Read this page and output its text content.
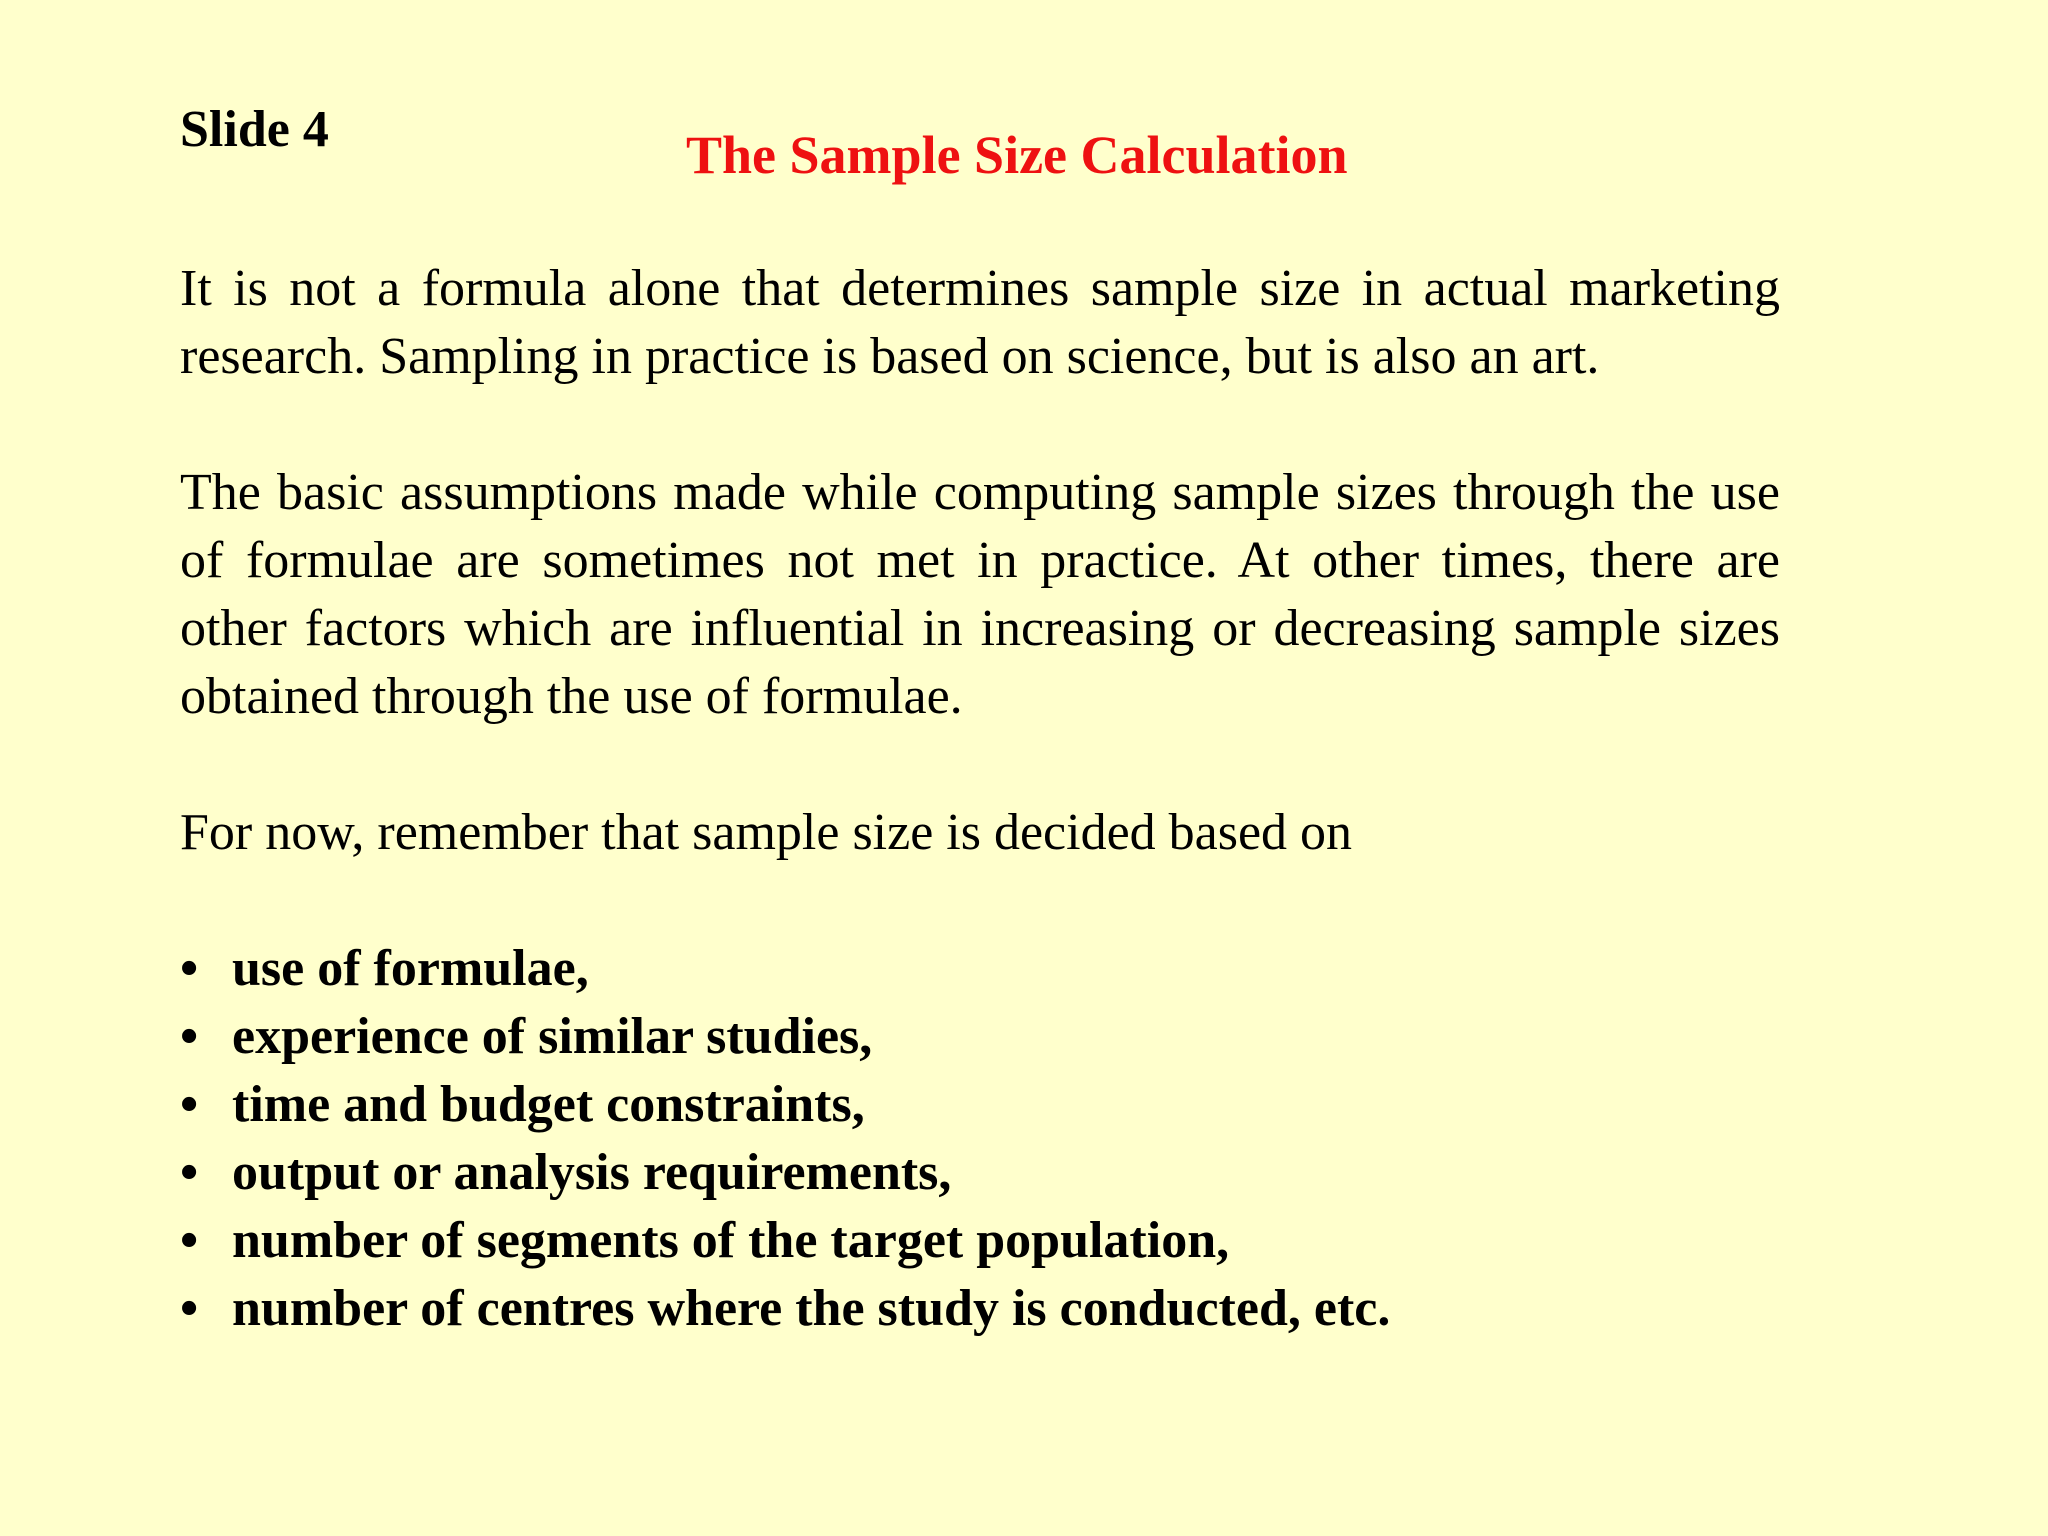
Slide 4	The Sample Size Calculation

It is not a formula alone that determines sample size in actual marketing research. Sampling in practice is based on science, but is also an art.

The basic assumptions made while computing sample sizes through the use of formulae are sometimes not met in practice. At other times, there are other factors which are influential in increasing or decreasing sample sizes obtained through the use of formulae.

For now, remember that sample size is decided based on

• use of formulae,
• experience of similar studies,
• time and budget constraints,
• output or analysis requirements,
• number of segments of the target population,
• number of centres where the study is conducted, etc.
